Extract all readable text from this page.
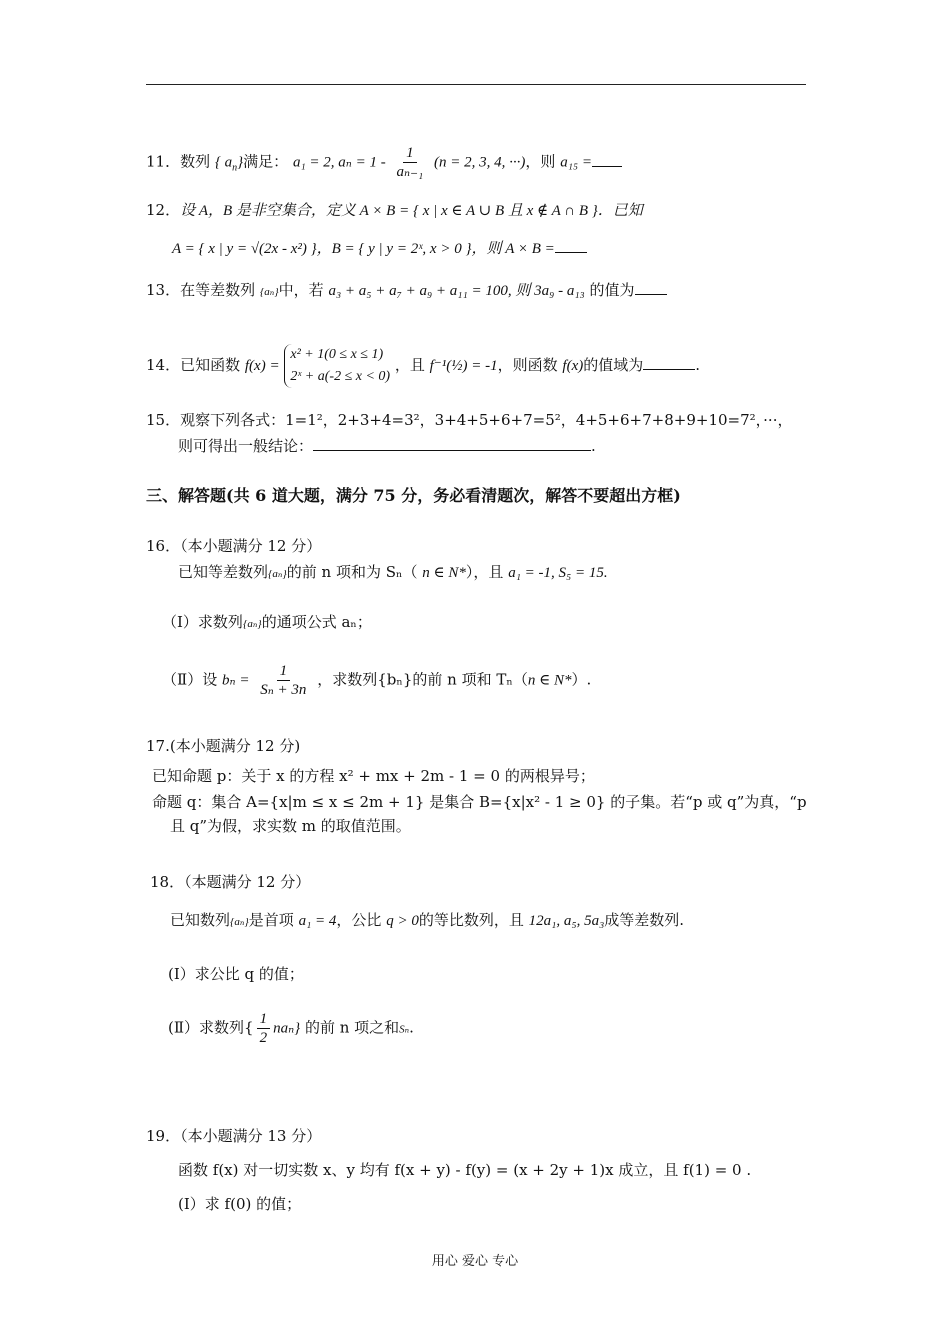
11．数列 { $a_n$}满足： a₁ = 2, $a_n = 1 - \frac{1}{\text{aₙ₋₁}} (n = 2$, 3, 4, ···)，则 a₁₅ =
12．设 A，B 是非空集合，定义 A × B = { x | x ∈ A ∪ B 且 x ∉ A ∩ B }．已知
A = { x | y = √(2x - x²) }，B = { y | y = 2ˣ, x > 0 }，则 A × B =
13．在等差数列 {aₙ}中，若 a₃ + a₅ + a₇ + a₉ + a₁₁ = 100, 则 3a₉ - a₁₃ 的值为
14．已知函数 f(x) = x² + 1(0 ≤ x ≤ 1)
2ˣ + a(-2 ≤ x < 0) ，且 f⁻¹(½) = -1，则函数 f(x)的值域为	.
15．观察下列各式：1=1²，2+3+4=3²，3+4+5+6+7=5²，4+5+6+7+8+9+10=7²，···，
则可得出一般结论：	.
三、解答题(共 6 道大题，满分 75 分，务必看清题次，解答不要超出方框)
16．（本小题满分 12 分）
已知等差数列{aₙ}的前 n 项和为 Sₙ（ n ∈ N*），且 a₁ = -1, S₅ = 15.
（Ⅰ）求数列{aₙ}的通项公式 aₙ；
（Ⅱ）设 $b_n = \frac{1}{\text{Sₙ + 3n}}$ ，求数列{bₙ}的前 n 项和 Tₙ（n ∈ N*）.
17.(本小题满分 12 分)
已知命题 p：关于 x 的方程 x² + mx + 2m - 1 = 0 的两根异号；
命题 q：集合 A={x|m ≤ x ≤ 2m + 1} 是集合 B={x|x² - 1 ≥ 0} 的子集。若“p 或 q”为真，“p
且 q”为假，求实数 m 的取值范围。
18．（本题满分 12 分）
已知数列{aₙ}是首项 a₁ = 4，公比 q > 0的等比数列，且 12a₁, a₅, 5a₃成等差数列.
(Ⅰ）求公比 q 的值；
(Ⅱ）求数列{ $\frac{1}{2} na_n$} 的前 n 项之和Sₙ.
19．（本小题满分 13 分）
函数 f(x) 对一切实数 x、y 均有 f(x + y) - f(y) = (x + 2y + 1)x 成立，且 f(1) = 0 .
(Ⅰ）求 f(0) 的值；
用心 爱心 专心
